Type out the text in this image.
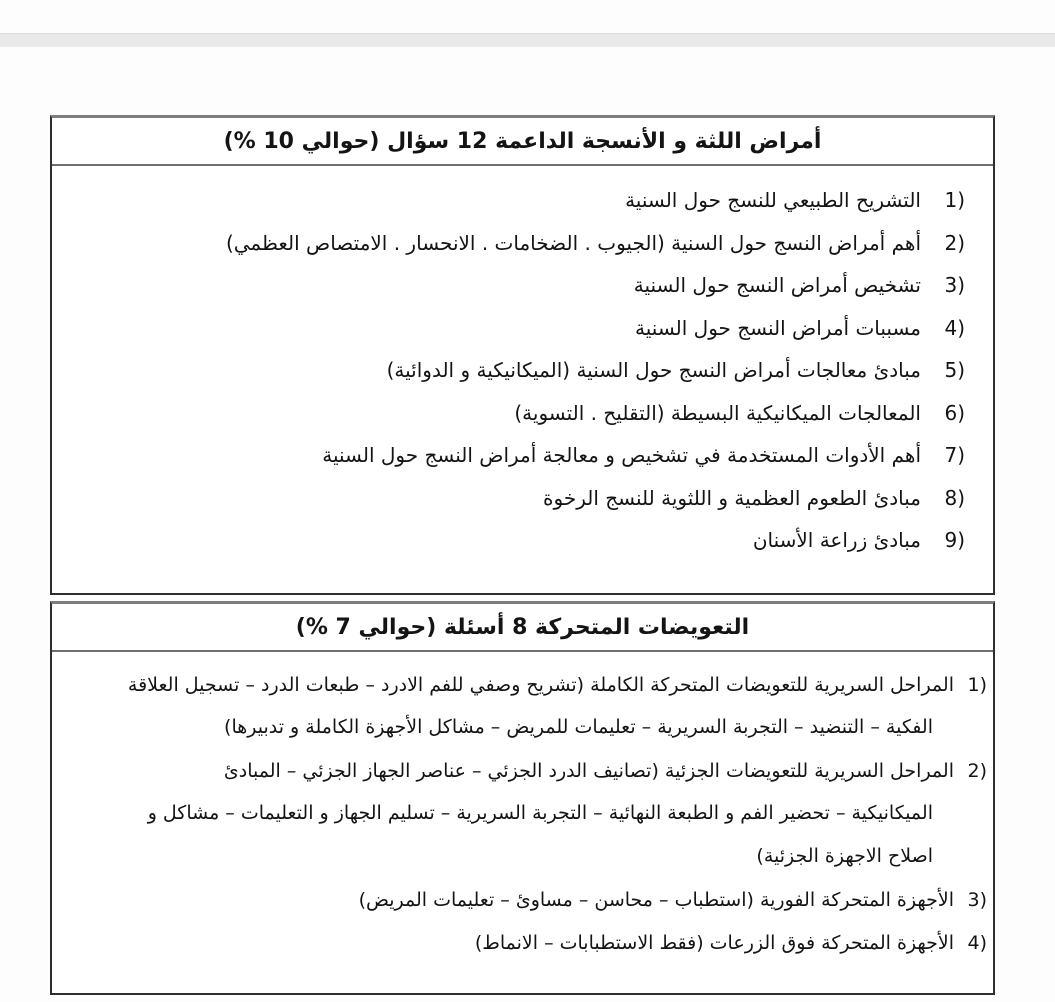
أمراض اللثة و الأنسجة الداعمة 12 سؤال (حوالي 10 %)
1)
التشريح الطبيعي للنسج حول السنية
2)
أهم أمراض النسج حول السنية (الجيوب . الضخامات . الانحسار . الامتصاص العظمي)
3)
تشخيص أمراض النسج حول السنية
4)
مسببات أمراض النسج حول السنية
5)
مبادئ معالجات أمراض النسج حول السنية (الميكانيكية و الدوائية)
6)
المعالجات الميكانيكية البسيطة (التقليح . التسوية)
7)
أهم الأدوات المستخدمة في تشخيص و معالجة أمراض النسج حول السنية
8)
مبادئ الطعوم العظمية و اللثوية للنسج الرخوة
9)
مبادئ زراعة الأسنان
التعويضات المتحركة 8 أسئلة (حوالي 7 %)
1)
المراحل السريرية للتعويضات المتحركة الكاملة (تشريح وصفي للفم الادرد – طبعات الدرد – تسجيل العلاقة
الفكية – التنضيد – التجربة السريرية – تعليمات للمريض – مشاكل الأجهزة الكاملة و تدبيرها)
2)
المراحل السريرية للتعويضات الجزئية (تصانيف الدرد الجزئي – عناصر الجهاز الجزئي – المبادئ
الميكانيكية – تحضير الفم و الطبعة النهائية – التجربة السريرية – تسليم الجهاز و التعليمات – مشاكل و
اصلاح الاجهزة الجزئية)
3)
الأجهزة المتحركة الفورية (استطباب – محاسن – مساوئ – تعليمات المريض)
4)
الأجهزة المتحركة فوق الزرعات (فقط الاستطبابات – الانماط)
